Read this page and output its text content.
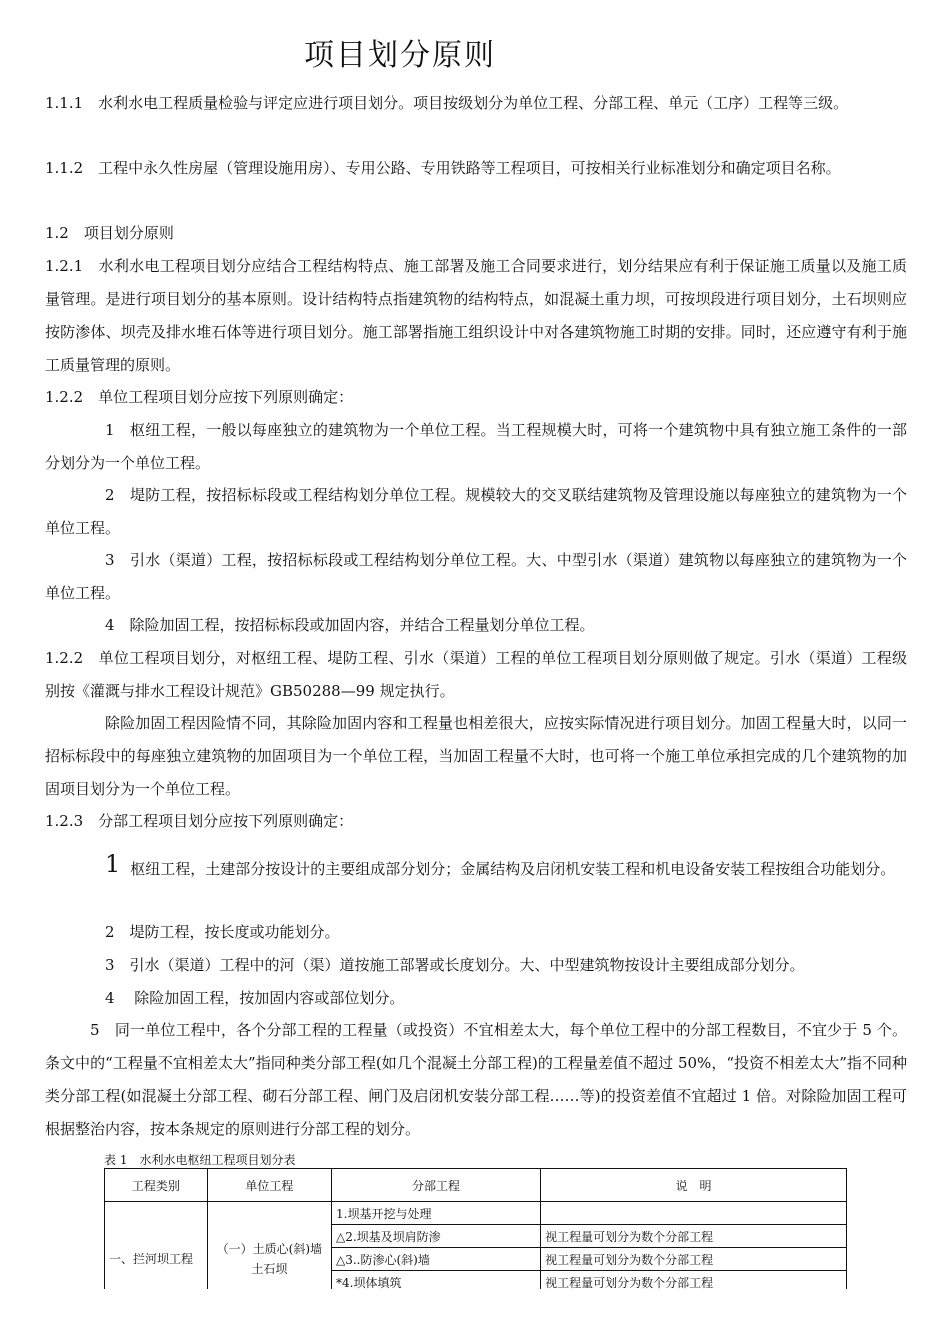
项目划分原则

1.1.1　水利水电工程质量检验与评定应进行项目划分。项目按级划分为单位工程、分部工程、单元（工序）工程等三级。

1.1.2　工程中永久性房屋（管理设施用房）、专用公路、专用铁路等工程项目，可按相关行业标准划分和确定项目名称。

1.2　项目划分原则

1.2.1　水利水电工程项目划分应结合工程结构特点、施工部署及施工合同要求进行，划分结果应有利于保证施工质量以及施工质量管理。是进行项目划分的基本原则。设计结构特点指建筑物的结构特点，如混凝土重力坝，可按坝段进行项目划分，土石坝则应按防渗体、坝壳及排水堆石体等进行项目划分。施工部署指施工组织设计中对各建筑物施工时期的安排。同时，还应遵守有利于施工质量管理的原则。

1.2.2　单位工程项目划分应按下列原则确定：

1　枢纽工程，一般以每座独立的建筑物为一个单位工程。当工程规模大时，可将一个建筑物中具有独立施工条件的一部分划分为一个单位工程。

2　堤防工程，按招标标段或工程结构划分单位工程。规模较大的交叉联结建筑物及管理设施以每座独立的建筑物为一个单位工程。

3　引水（渠道）工程，按招标标段或工程结构划分单位工程。大、中型引水（渠道）建筑物以每座独立的建筑物为一个单位工程。

4　除险加固工程，按招标标段或加固内容，并结合工程量划分单位工程。

1.2.2　单位工程项目划分，对枢纽工程、堤防工程、引水（渠道）工程的单位工程项目划分原则做了规定。引水（渠道）工程级别按《灌溉与排水工程设计规范》GB50288—99 规定执行。

除险加固工程因险情不同，其除险加固内容和工程量也相差很大，应按实际情况进行项目划分。加固工程量大时，以同一招标标段中的每座独立建筑物的加固项目为一个单位工程，当加固工程量不大时，也可将一个施工单位承担完成的几个建筑物的加固项目划分为一个单位工程。

1.2.3　分部工程项目划分应按下列原则确定：

1 枢纽工程，土建部分按设计的主要组成部分划分；金属结构及启闭机安装工程和机电设备安装工程按组合功能划分。

2　堤防工程，按长度或功能划分。

3　引水（渠道）工程中的河（渠）道按施工部署或长度划分。大、中型建筑物按设计主要组成部分划分。

4　 除险加固工程，按加固内容或部位划分。

5　同一单位工程中，各个分部工程的工程量（或投资）不宜相差太大，每个单位工程中的分部工程数目，不宜少于 5 个。 条文中的“工程量不宜相差太大”指同种类分部工程(如几个混凝土分部工程)的工程量差值不超过 50%，“投资不相差太大”指不同种类分部工程(如混凝土分部工程、砌石分部工程、闸门及启闭机安装分部工程……等)的投资差值不宜超过 1 倍。对除险加固工程可根据整治内容，按本条规定的原则进行分部工程的划分。

表 1　水利水电枢纽工程项目划分表
工程类别	单位工程	分部工程	说　明
一、拦河坝工程	（一）土质心(斜)墙土石坝	1.坝基开挖与处理	
		△2.坝基及坝肩防渗	视工程量可划分为数个分部工程
		△3..防渗心(斜)墙	视工程量可划分为数个分部工程
		*4.坝体填筑	视工程量可划分为数个分部工程
